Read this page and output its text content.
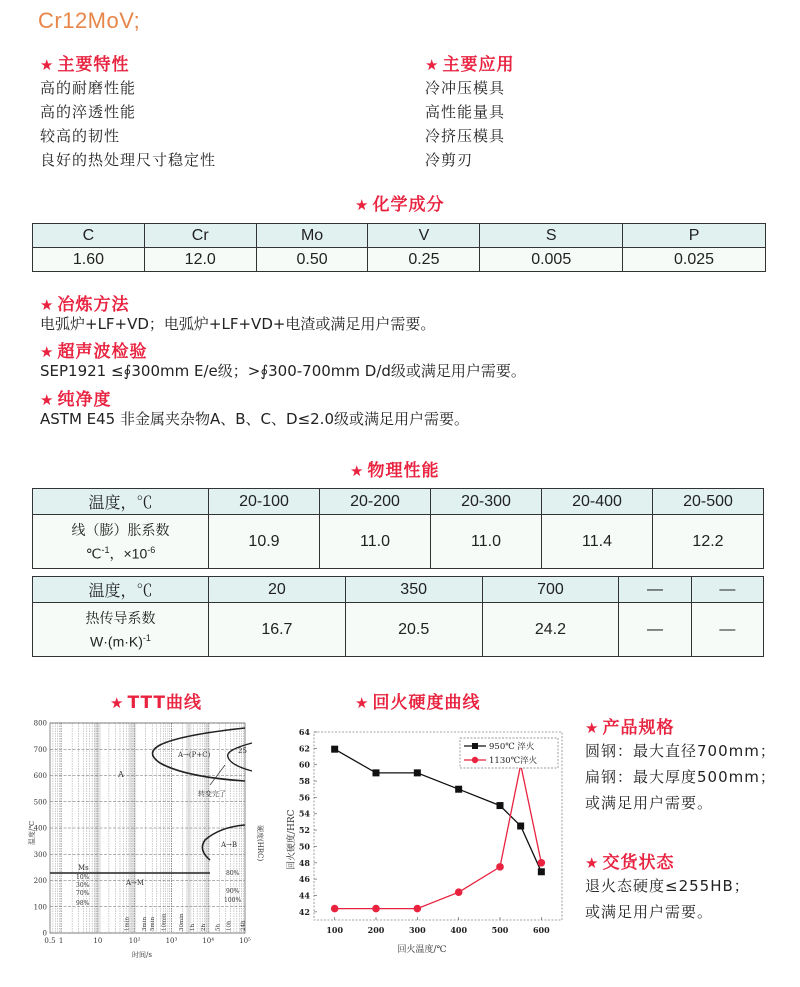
Cr12MoV;
★ 主要特性
高的耐磨性能
高的淬透性能
较高的韧性
良好的热处理尺寸稳定性
★ 主要应用
冷冲压模具
高性能量具
冷挤压模具
冷剪刃
★ 化学成分
C	Cr	Mo	V	S	P
1.60	12.0	0.50	0.25	0.005	0.025
★ 冶炼方法
电弧炉+LF+VD；电弧炉+LF+VD+电渣或满足用户需要。
★ 超声波检验
SEP1921 ≤∮300mm E/e级；>∮300-700mm D/d级或满足用户需要。
★ 纯净度
ASTM E45 非金属夹杂物A、B、C、D≤2.0级或满足用户需要。
★ 物理性能
温度，℃	20-100	20-200	20-300	20-400	20-500

线（膨）胀系数
℃$^{-1}$，$\times 10^{-6}$	10.9	11.0	11.0	11.4	12.2
温度，℃	20	350	700	—	—

热传导系数
$W\cdot(m\cdot K)^{-1}$	16.7	20.5	24.2	—	—
★ TTT曲线
800
700
600
500
400
300
200
100
0
0.5 1	10	10²	10³	10⁴	10⁵
A
A→(P+C)	25
转变完了
A→B
A→M
Ms
10%
30%
70%
98%
80%
90%
100%
1min 3min 5min 10min 30min 1h 2h 5h 10h 24h
温度/℃	硬度(HRC)
时间/s
★ 回火硬度曲线
42
44
46
48
50
52
54
56
58
60
62
64
100	200	300	400	500	600
950℃ 淬火
1130℃淬火
回火硬度/HRC
回火温度/℃
★ 产品规格
圆钢：最大直径700mm；
扁钢：最大厚度500mm；
或满足用户需要。
★ 交货状态
退火态硬度≤255HB；
或满足用户需要。
